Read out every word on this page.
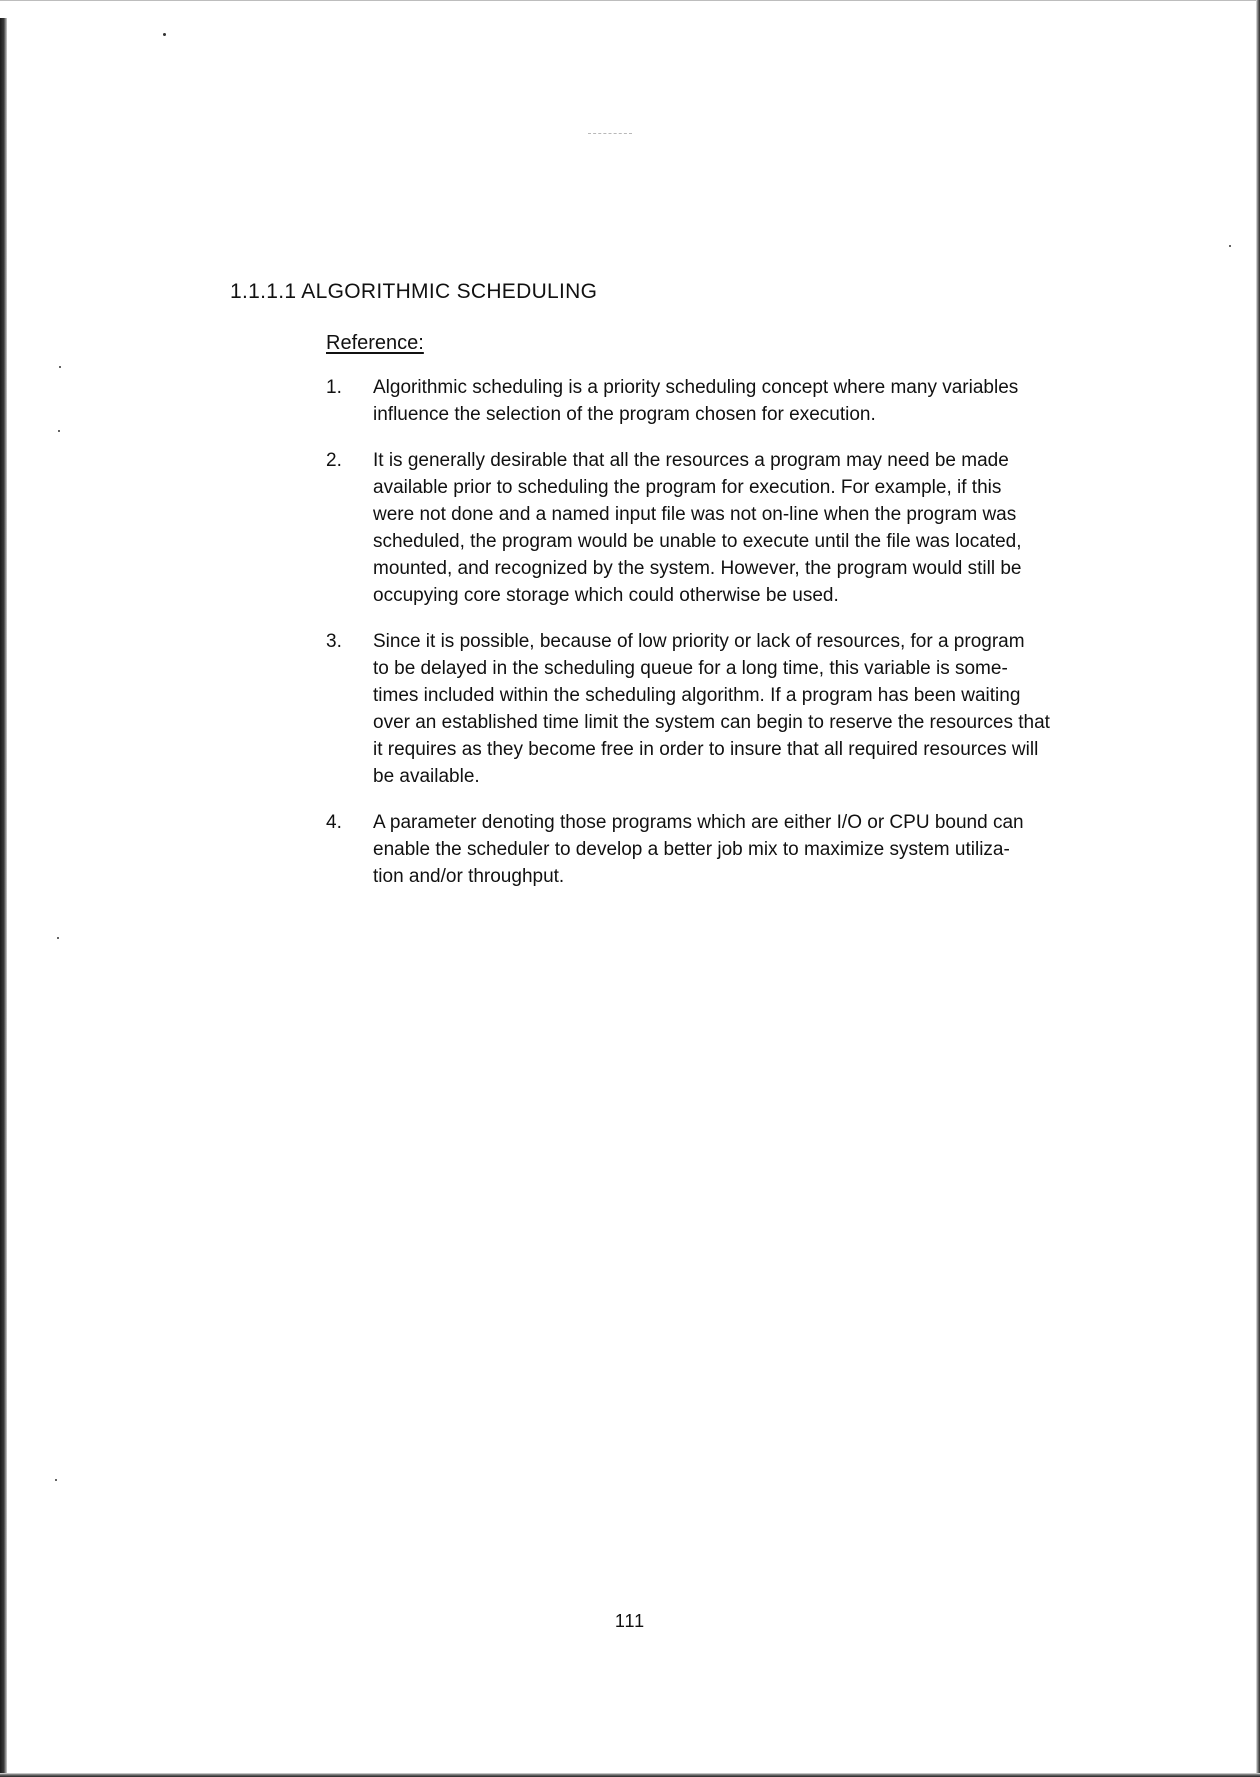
1.1.1.1 ALGORITHMIC SCHEDULING
Reference:
1. Algorithmic scheduling is a priority scheduling concept where many variables
influence the selection of the program chosen for execution.
2. It is generally desirable that all the resources a program may need be made
available prior to scheduling the program for execution. For example, if this
were not done and a named input file was not on-line when the program was
scheduled, the program would be unable to execute until the file was located,
mounted, and recognized by the system. However, the program would still be
occupying core storage which could otherwise be used.
3. Since it is possible, because of low priority or lack of resources, for a program
to be delayed in the scheduling queue for a long time, this variable is some-
times included within the scheduling algorithm. If a program has been waiting
over an established time limit the system can begin to reserve the resources that
it requires as they become free in order to insure that all required resources will
be available.
4. A parameter denoting those programs which are either I/O or CPU bound can
enable the scheduler to develop a better job mix to maximize system utiliza-
tion and/or throughput.
111
